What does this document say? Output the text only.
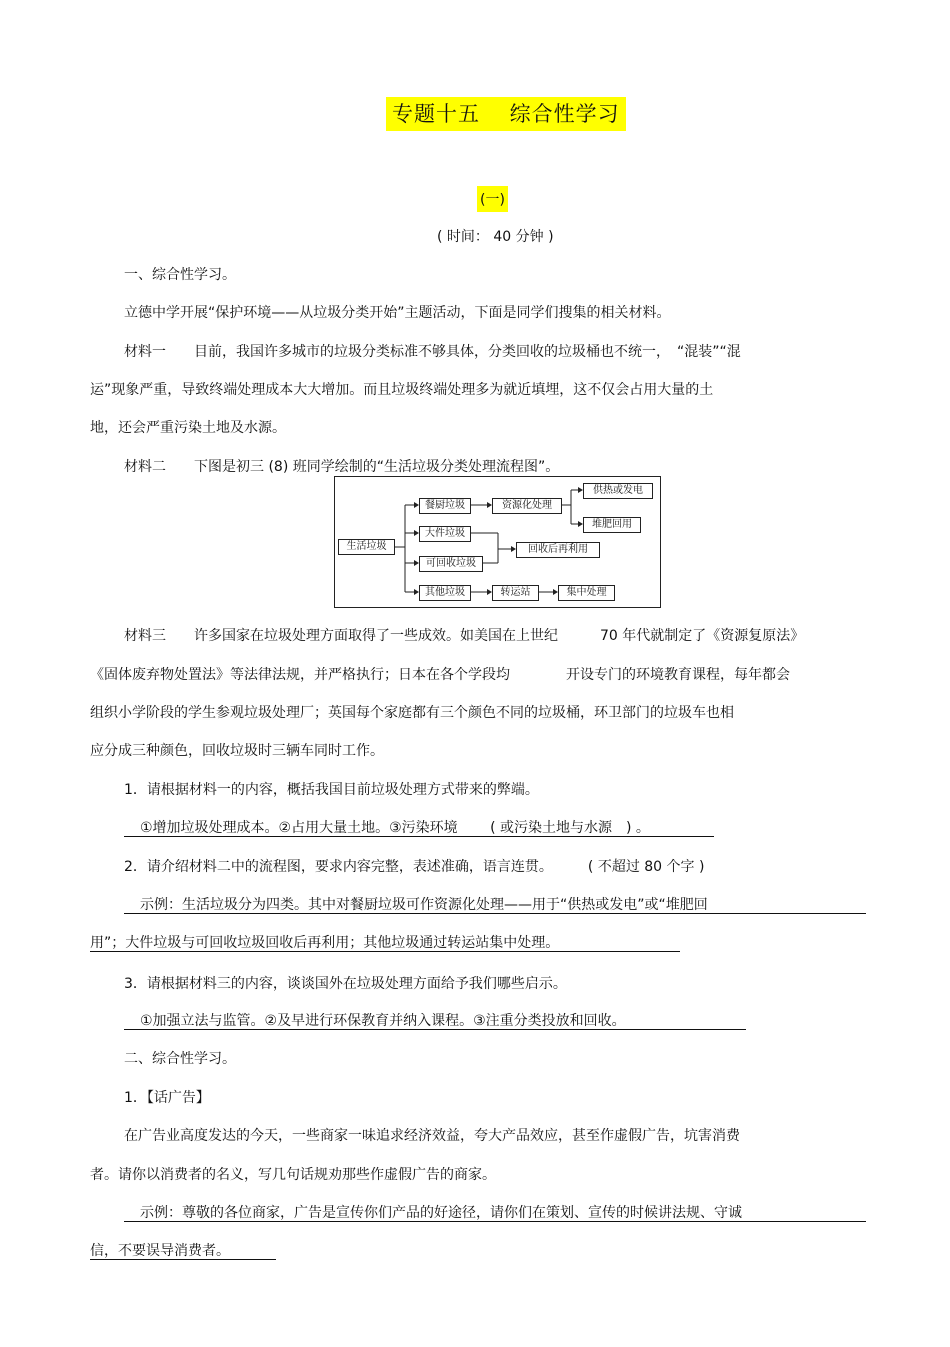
专题十五　 综合性学习
(一)
( 时间： 40 分钟 )
一、综合性学习。
立德中学开展“保护环境——从垃圾分类开始”主题活动，下面是同学们搜集的相关材料。
材料一　　目前，我国许多城市的垃圾分类标准不够具体，分类回收的垃圾桶也不统一，　“混装”“混
运”现象严重，导致终端处理成本大大增加。而且垃圾终端处理多为就近填埋，这不仅会占用大量的土
地，还会严重污染土地及水源。
材料二　　下图是初三 (8) 班同学绘制的“生活垃圾分类处理流程图”。
生活垃圾
餐厨垃圾
大件垃圾
可回收垃圾
其他垃圾
资源化处理
供热或发电
堆肥回用
回收后再利用
转运站	集中处理
材料三　　许多国家在垃圾处理方面取得了一些成效。如美国在上世纪　　　70 年代就制定了《资源复原法》
《固体废弃物处置法》等法律法规，并严格执行；日本在各个学段均　　　　开设专门的环境教育课程，每年都会
组织小学阶段的学生参观垃圾处理厂；英国每个家庭都有三个颜色不同的垃圾桶，环卫部门的垃圾车也相
应分成三种颜色，回收垃圾时三辆车同时工作。
1．请根据材料一的内容，概括我国目前垃圾处理方式带来的弊端。
①增加垃圾处理成本。②占用大量土地。③污染环境　　 ( 或污染土地与水源　) 。
2．请介绍材料二中的流程图，要求内容完整，表述准确，语言连贯。　　　( 不超过 80 个字 )
示例：生活垃圾分为四类。其中对餐厨垃圾可作资源化处理——用于“供热或发电”或“堆肥回
用”；大件垃圾与可回收垃圾回收后再利用；其他垃圾通过转运站集中处理。
3．请根据材料三的内容，谈谈国外在垃圾处理方面给予我们哪些启示。
①加强立法与监管。②及早进行环保教育并纳入课程。③注重分类投放和回收。
二、综合性学习。
1．【话广告】
在广告业高度发达的今天，一些商家一味追求经济效益，夸大产品效应，甚至作虚假广告，坑害消费
者。请你以消费者的名义，写几句话规劝那些作虚假广告的商家。
示例：尊敬的各位商家，广告是宣传你们产品的好途径，请你们在策划、宣传的时候讲法规、守诚
信，不要误导消费者。
